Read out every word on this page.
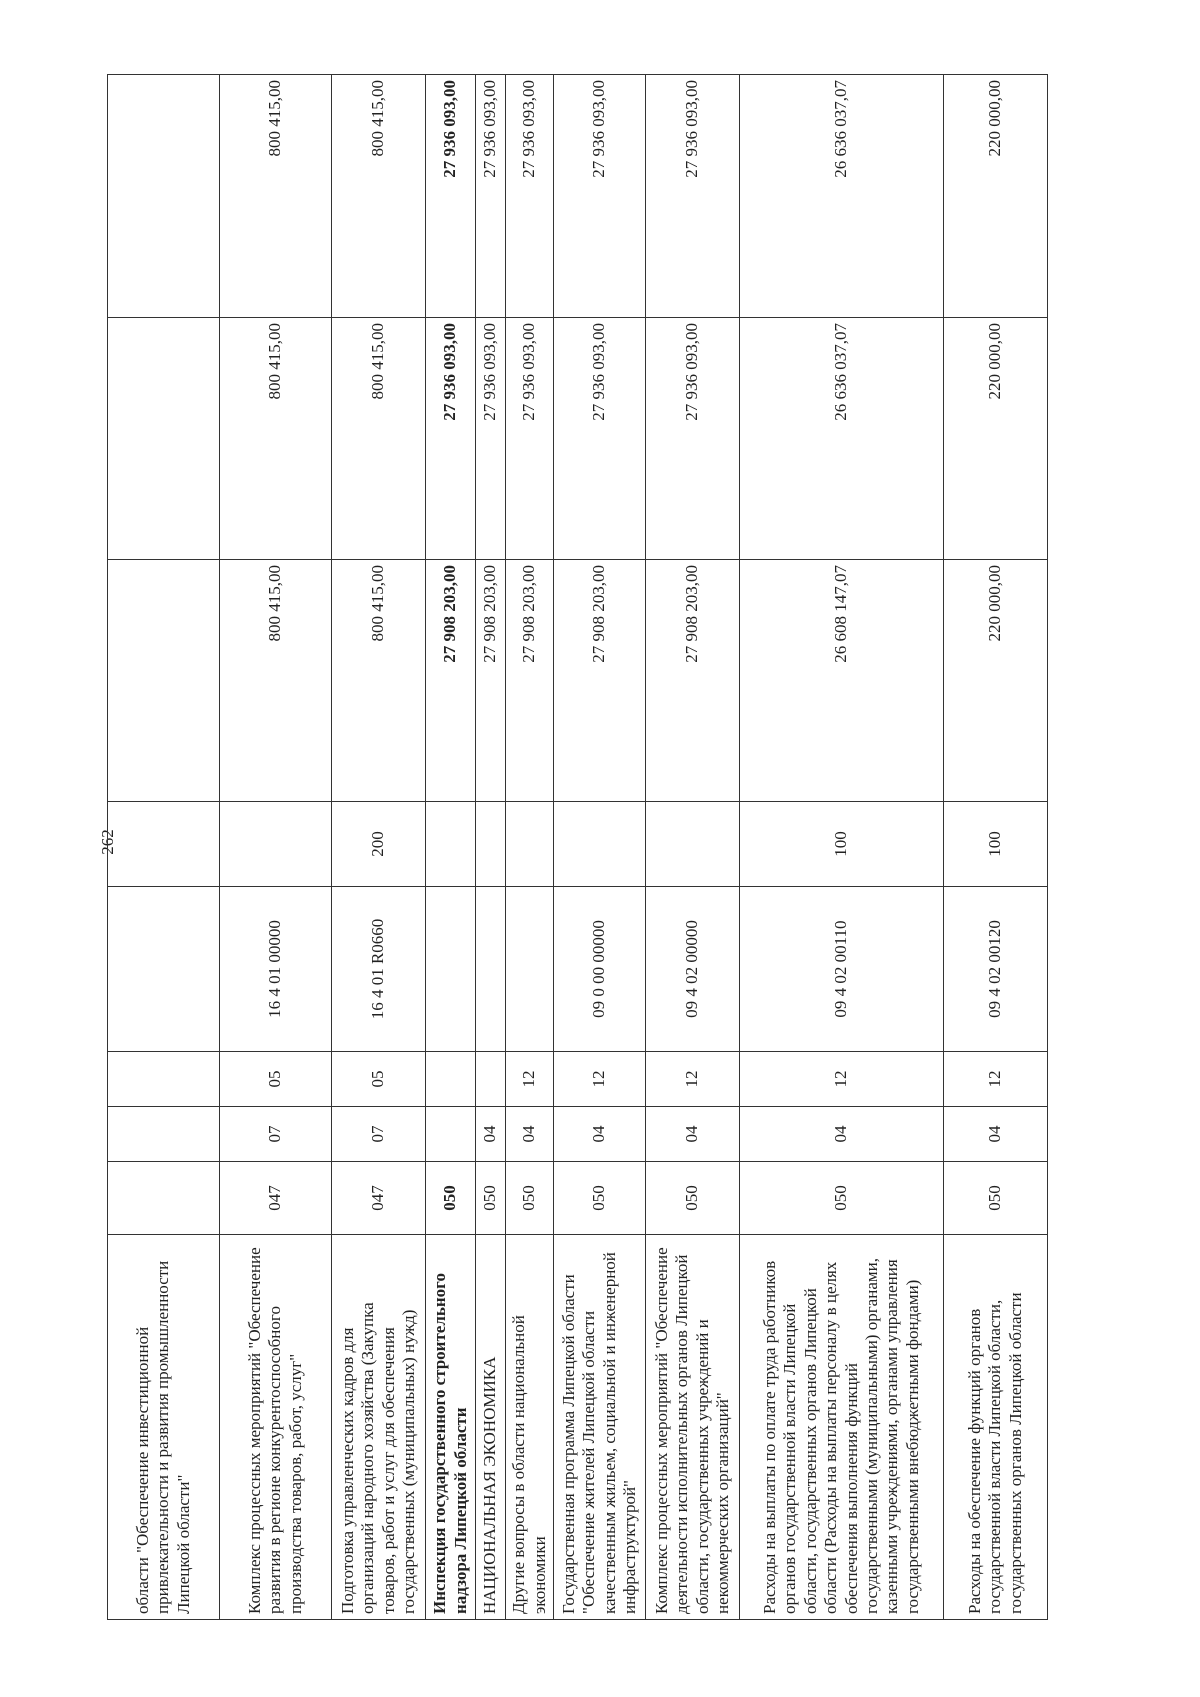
262
области "Обеспечение инвестиционной привлекательности и развития промышленности Липецкой области"								
Комплекс процессных мероприятий "Обеспечение развития в регионе конкурентоспособного производства товаров, работ, услуг"	047	07	05	16 4 01 00000		800 415,00	800 415,00	800 415,00
Подготовка управленческих кадров для организаций народного хозяйства (Закупка товаров, работ и услуг для обеспечения государственных (муниципальных) нужд)	047	07	05	16 4 01 R0660	200	800 415,00	800 415,00	800 415,00
Инспекция государственного строительного надзора Липецкой области	050					27 908 203,00	27 936 093,00	27 936 093,00
НАЦИОНАЛЬНАЯ ЭКОНОМИКА	050	04				27 908 203,00	27 936 093,00	27 936 093,00
Другие вопросы в области национальной экономики	050	04	12			27 908 203,00	27 936 093,00	27 936 093,00
Государственная программа Липецкой области "Обеспечение жителей Липецкой области качественным жильем, социальной и инженерной инфраструктурой"	050	04	12	09 0 00 00000		27 908 203,00	27 936 093,00	27 936 093,00
Комплекс процессных мероприятий "Обеспечение деятельности исполнительных органов Липецкой области, государственных учреждений и некоммерческих организаций"	050	04	12	09 4 02 00000		27 908 203,00	27 936 093,00	27 936 093,00
Расходы на выплаты по оплате труда работников органов государственной власти Липецкой области, государственных органов Липецкой области (Расходы на выплаты персоналу в целях обеспечения выполнения функций государственными (муниципальными) органами, казенными учреждениями, органами управления государственными внебюджетными фондами)	050	04	12	09 4 02 00110	100	26 608 147,07	26 636 037,07	26 636 037,07
Расходы на обеспечение функций органов государственной власти Липецкой области, государственных органов Липецкой области	050	04	12	09 4 02 00120	100	220 000,00	220 000,00	220 000,00
